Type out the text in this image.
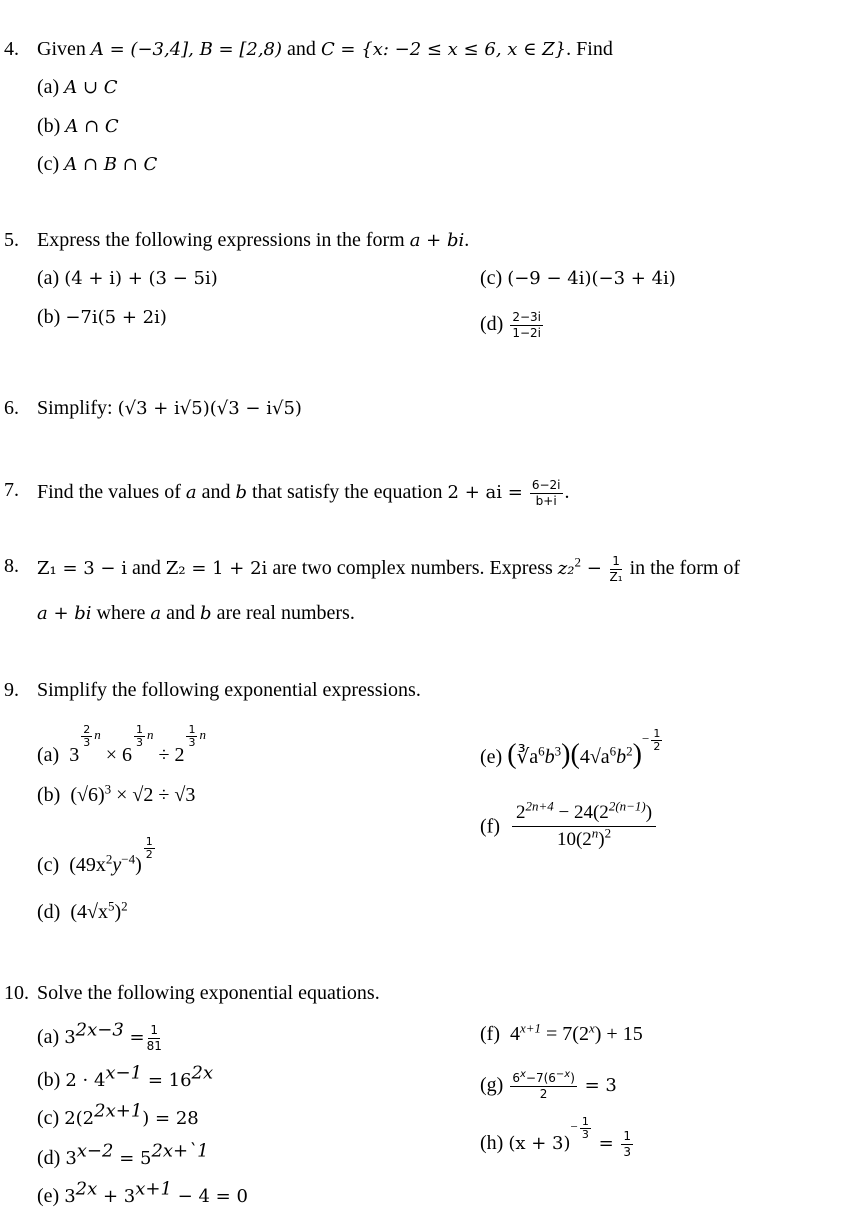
4. Given A = (−3,4], B = [2,8) and C = {x: −2 ≤ x ≤ 6, x ∈ Z}. Find
(a) A ∪ C
(b) A ∩ C
(c) A ∩ B ∩ C
5. Express the following expressions in the form a + bi.
(a) (4 + i) + (3 − 5i)	(c) (−9 − 4i)(−3 + 4i)
(b) −7i(5 + 2i)	$(d) \frac{2-3i}{1-2i}$
6. Simplify: (√3 + i√5)(√3 − i√5)
7. Find the values of a and b that satisfy the equation 2 + ai = $\frac{6-2i}{b+i}$ .
8. Z₁ = 3 − i and Z₂ = 1 + 2i are two complex numbers. Express $z_2^2 - \frac{1}{\text{Z₁}}$ in the form of
a + bi where a and b are real numbers.
9. Simplify the following exponential expressions.
(a) 3
$^{\frac{2}{3} n}$ × 6
$^{\frac{1}{3} n}$ ÷ 2
$^{\frac{1}{3} n}$
(e) $(∛a^6b^3)(4√a^6b^2)^{- \frac{1}{2}}$
(b) $(√6)^3 \times √2 \div √3$
$(f) \frac{2^{2n+4} - 24(2^{2(n-1)})}{10(2^n)^2}$
(c) $(49x^2y^{-4})$
$^{\frac{1}{2}}$
(d) $(4√x^5)^2$
10. Solve the following exponential equations.
(a) $3^{2x-3} = \frac{1}{81}$	(f) $4^{x+1} = 7(2^x) + 15$
(b) $2 \cdot 4^{x-1} = 16^{2x}$
$(g) \frac{6^x-7(6^{-x})}{2} = 3$
(c) $2(2^{2x+1}) = 28$
(h) $(x + 3)^{- \frac{1}{3}}$
= $\frac{1}{3}$
(d) $3^{x-2} = 5^{2x+`1}$
(e) $3^{2x} + 3^{x+1} - 4 = 0$
